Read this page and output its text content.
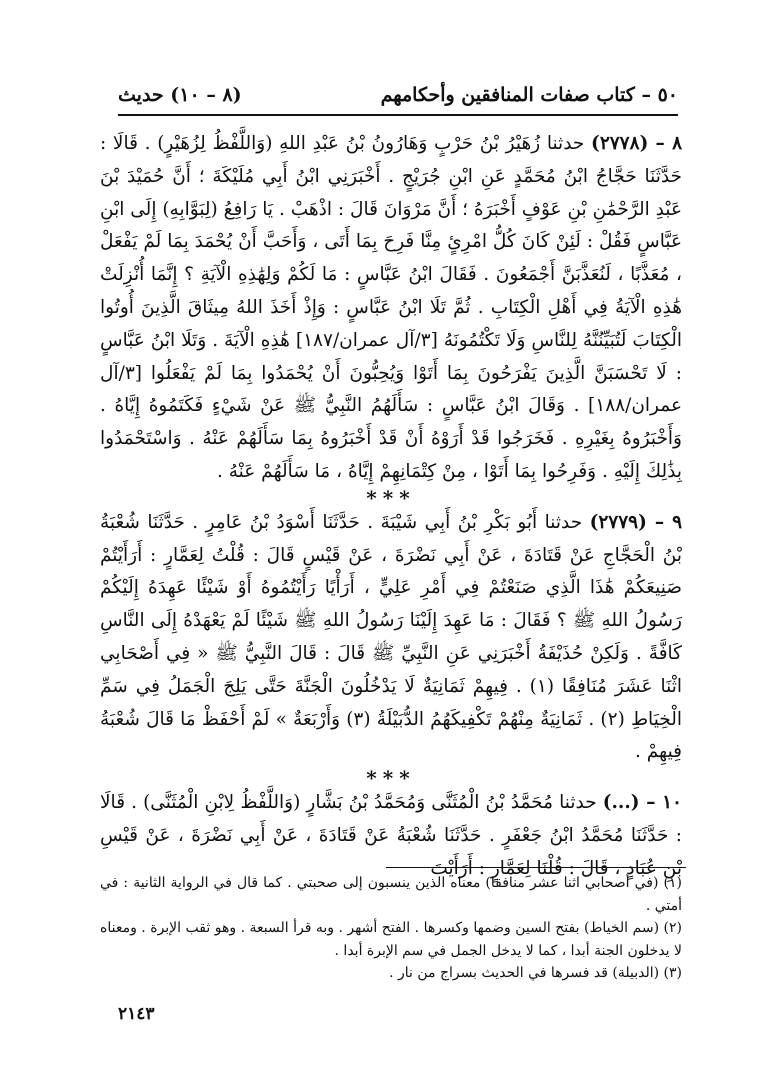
٥٠ – كتاب صفات المنافقين وأحكامهم
(٨ – ١٠) حديث

٨ – (٢٧٧٨) حدثنا زُهَيْرُ بْنُ حَرْبٍ وَهَارُونُ بْنُ عَبْدِ اللهِ (وَاللَّفْظُ لِزُهَيْرٍ) . قَالَا : حَدَّثَنَا حَجَّاجُ ابْنُ مُحَمَّدٍ عَنِ ابْنِ جُرَيْجٍ . أَخْبَرَنِي ابْنُ أَبِي مُلَيْكَةَ ؛ أَنَّ حُمَيْدَ بْنَ عَبْدِ الرَّحْمَٰنِ بْنِ عَوْفٍ أَخْبَرَهُ ؛ أَنَّ مَرْوَانَ قَالَ : اذْهَبْ . يَا رَافِعُ (لِبَوَّابِهِ) إِلَى ابْنِ عَبَّاسٍ فَقُلْ : لَئِنْ كَانَ كُلُّ امْرِئٍ مِنَّا فَرِحَ بِمَا أَتَى ، وَأَحَبَّ أَنْ يُحْمَدَ بِمَا لَمْ يَفْعَلْ ، مُعَذَّبًا ، لَنُعَذَّبَنَّ أَجْمَعُونَ . فَقَالَ ابْنُ عَبَّاسٍ : مَا لَكُمْ وَلِهَٰذِهِ الْآيَةِ ؟ إِنَّمَا أُنْزِلَتْ هَٰذِهِ الْآيَةُ فِي أَهْلِ الْكِتَابِ . ثُمَّ تَلَا ابْنُ عَبَّاسٍ : وَإِذْ أَخَذَ اللهُ مِيثَاقَ الَّذِينَ أُوتُوا الْكِتَابَ لَتُبَيِّنُنَّهُ لِلنَّاسِ وَلَا تَكْتُمُونَهُ [٣/آل عمران/١٨٧] هَٰذِهِ الْآيَةَ . وَتَلَا ابْنُ عَبَّاسٍ : لَا تَحْسَبَنَّ الَّذِينَ يَفْرَحُونَ بِمَا أَتَوْا وَيُحِبُّونَ أَنْ يُحْمَدُوا بِمَا لَمْ يَفْعَلُوا [٣/آل عمران/١٨٨] . وَقَالَ ابْنُ عَبَّاسٍ : سَأَلَهُمُ النَّبِيُّ ﷺ عَنْ شَيْءٍ فَكَتَمُوهُ إِيَّاهُ . وَأَخْبَرُوهُ بِغَيْرِهِ . فَخَرَجُوا قَدْ أَرَوْهُ أَنْ قَدْ أَخْبَرُوهُ بِمَا سَأَلَهُمْ عَنْهُ . وَاسْتَحْمَدُوا بِذَٰلِكَ إِلَيْهِ . وَفَرِحُوا بِمَا أَتَوْا ، مِنْ كِتْمَانِهِمْ إِيَّاهُ ، مَا سَأَلَهُمْ عَنْهُ .

***

٩ – (٢٧٧٩) حدثنا أَبُو بَكْرِ بْنُ أَبِي شَيْبَةَ . حَدَّثَنَا أَسْوَدُ بْنُ عَامِرٍ . حَدَّثَنَا شُعْبَةُ بْنُ الْحَجَّاجِ عَنْ قَتَادَةَ ، عَنْ أَبِي نَضْرَةَ ، عَنْ قَيْسٍ قَالَ : قُلْتُ لِعَمَّارٍ : أَرَأَيْتُمْ صَنِيعَكُمْ هَٰذَا الَّذِي صَنَعْتُمْ فِي أَمْرِ عَلِيٍّ ، أَرَأْيًا رَأَيْتُمُوهُ أَوْ شَيْئًا عَهِدَهُ إِلَيْكُمْ رَسُولُ اللهِ ﷺ ؟ فَقَالَ : مَا عَهِدَ إِلَيْنَا رَسُولُ اللهِ ﷺ شَيْئًا لَمْ يَعْهَدْهُ إِلَى النَّاسِ كَافَّةً . وَلَكِنْ حُذَيْفَةُ أَخْبَرَنِي عَنِ النَّبِيِّ ﷺ قَالَ : قَالَ النَّبِيُّ ﷺ « فِي أَصْحَابِي اثْنَا عَشَرَ مُنَافِقًا (١) . فِيهِمْ ثَمَانِيَةٌ لَا يَدْخُلُونَ الْجَنَّةَ حَتَّى يَلِجَ الْجَمَلُ فِي سَمِّ الْخِيَاطِ (٢) . ثَمَانِيَةٌ مِنْهُمْ تَكْفِيكَهُمُ الدُّبَيْلَةُ (٣) وَأَرْبَعَةٌ » لَمْ أَحْفَظْ مَا قَالَ شُعْبَةُ فِيهِمْ .

***

١٠ – (...) حدثنا مُحَمَّدُ بْنُ الْمُثَنَّى وَمُحَمَّدُ بْنُ بَشَّارٍ (وَاللَّفْظُ لِابْنِ الْمُثَنَّى) . قَالَا : حَدَّثَنَا مُحَمَّدُ ابْنُ جَعْفَرٍ . حَدَّثَنَا شُعْبَةُ عَنْ قَتَادَةَ ، عَنْ أَبِي نَضْرَةَ ، عَنْ قَيْسِ بْنِ عُبَادٍ ، قَالَ : قُلْنَا لِعَمَّارٍ : أَرَأَيْتَ

(١) (في أصحابي اثنا عشر منافقا) معناه الذين ينسبون إلى صحبتي . كما قال في الرواية الثانية : في أمتي .

(٢) (سم الخياط) بفتح السين وضمها وكسرها . الفتح أشهر . وبه قرأ السبعة . وهو ثقب الإبرة . ومعناه لا يدخلون الجنة أبدا ، كما لا يدخل الجمل في سم الإبرة أبدا .

(٣) (الدبيلة) قد فسرها في الحديث بسراج من نار .

٢١٤٣
